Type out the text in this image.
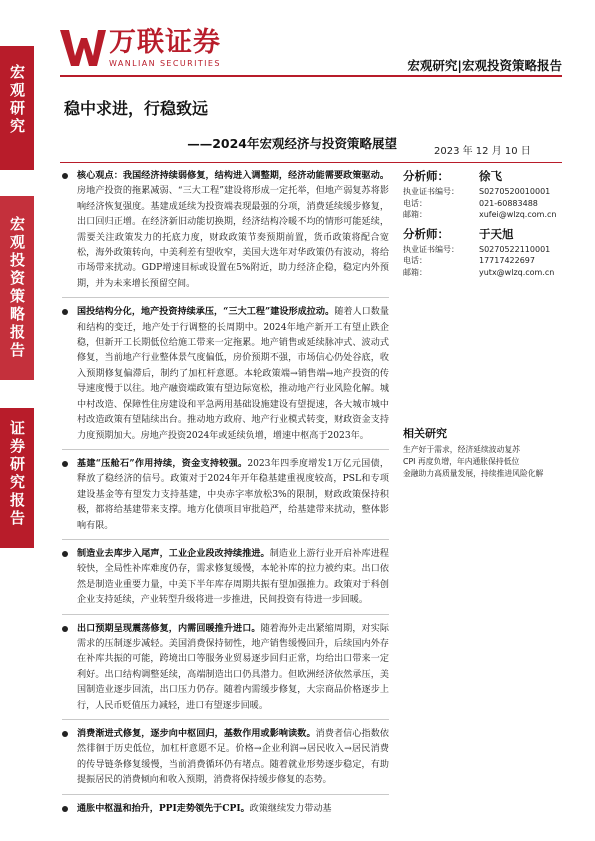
宏观研究
宏观投资策略报告
证券研究报告
万联证券
WANLIAN SECURITIES	宏观研究|宏观投资策略报告
稳中求进，行稳致远
——2024年宏观经济与投资策略展望
2023 年 12 月 10 日

核心观点：我国经济持续弱修复，结构进入调整期，经济动能需要政策驱动。房地产投资的拖累减弱、“三大工程”建设将形成一定托举，但地产弱复苏将影响经济恢复强度。基建成延续为投资端表现最强的分项，消费延续缓步修复，出口回归正增。在经济新旧动能切换期，经济结构冷暖不均的情形可能延续，需要关注政策发力的托底力度，财政政策节奏预期前置，货币政策将配合宽松，海外政策转向，中美利差有望收窄，美国大选年对华政策仍有波动，将给市场带来扰动。GDP增速目标或设置在5%附近，助力经济企稳，稳定内外预期，并为未来增长预留空间。

国投结构分化，地产投资持续承压，“三大工程”建设形成拉动。随着人口数量和结构的变迁，地产处于行调整的长周期中。2024年地产新开工有望止跌企稳，但新开工长期低位给施工带来一定拖累。地产销售或延续脉冲式、波动式修复，当前地产行业整体景气度偏低，房价预期不强，市场信心仍处谷底，收入预期修复偏滞后，制约了加杠杆意愿。本轮政策端→销售端→地产投资的传导速度慢于以往。地产融资端政策有望边际宽松，推动地产行业风险化解。城中村改造、保障性住房建设和平急两用基础设施建设有望提速，各大城市城中村改造政策有望陆续出台。推动地方政府、地产行业模式转变，财政资金支持力度预期加大。房地产投资2024年或延续负增，增速中枢高于2023年。

基建“压舱石”作用持续，资金支持较强。2023年四季度增发1万亿元国债，释放了稳经济的信号。政策对于2024年开年稳基建重视度较高，PSL和专项建设基金等有望发力支持基建，中央赤字率放松3%的限制，财政政策保持积极，都将给基建带来支撑。地方化债项目审批趋严，给基建带来扰动，整体影响有限。

制造业去库步入尾声，工业企业段改持续推进。制造业上游行业开启补库进程较快，全局性补库难度仍存，需求修复缓慢，本轮补库的拉力被约束。出口依然是制造业重要力量，中美下半年库存周期共振有望加强推力。政策对于科创企业支持延续，产业转型升级将进一步推进，民间投资有待进一步回暖。

出口预期呈现震荡修复，内需回暖推升进口。随着海外走出紧缩周期，对实际需求的压制逐步减轻。美国消费保持韧性，地产销售缓慢回升，后续国内外存在补库共振的可能，跨境出口等服务业贸易逐步回归正常，均给出口带来一定利好。出口结构调整延续，高端制造出口仍具潜力。但欧洲经济依然承压，美国制造业逐步回流，出口压力仍存。随着内需缓步修复，大宗商品价格逐步上行，人民币贬值压力减轻，进口有望逐步回暖。

消费渐进式修复，逐步向中枢回归，基数作用或影响读数。消费者信心指数依然徘徊于历史低位，加杠杆意愿不足。价格→企业利润→居民收入→居民消费的传导链条修复缓慢，当前消费循环仍有堵点。随着就业形势逐步稳定，有助提振居民的消费倾向和收入预期，消费将保持缓步修复的态势。

通胀中枢温和抬升，PPI走势领先于CPI。政策继续发力带动基

分析师：	徐飞
执业证书编号：	S0270520010001
电话：	021-60883488
邮箱：	xufei@wlzq.com.cn
分析师：	于天旭
执业证书编号：	S0270522110001
电话：	17717422697
邮箱：	yutx@wlzq.com.cn
相关研究
生产好于需求，经济延续波动复苏
CPI 再度负增，年内通胀保持低位
金融助力高质量发展，持续推进风险化解
